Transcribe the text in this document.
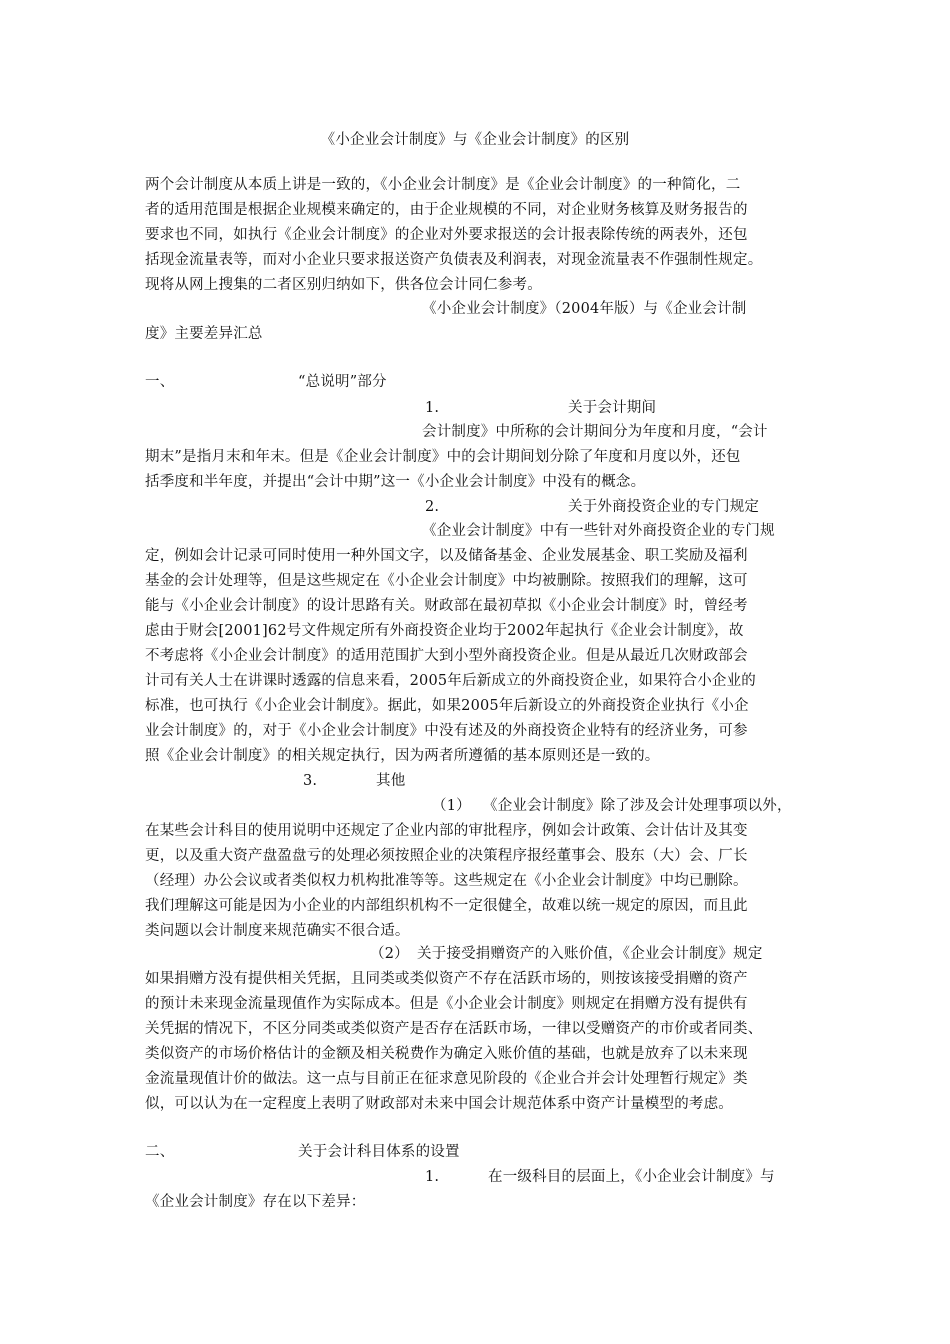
《小企业会计制度》与《企业会计制度》的区别
两个会计制度从本质上讲是一致的，《小企业会计制度》是《企业会计制度》的一种简化，二
者的适用范围是根据企业规模来确定的，由于企业规模的不同，对企业财务核算及财务报告的
要求也不同，如执行《企业会计制度》的企业对外要求报送的会计报表除传统的两表外，还包
括现金流量表等，而对小企业只要求报送资产负债表及利润表，对现金流量表不作强制性规定。
现将从网上搜集的二者区别归纳如下，供各位会计同仁参考。
《小企业会计制度》（2004年版）与《企业会计制
度》主要差异汇总
一、	“总说明”部分
1.	关于会计期间
会计制度》中所称的会计期间分为年度和月度，“会计
期末”是指月末和年末。但是《企业会计制度》中的会计期间划分除了年度和月度以外，还包
括季度和半年度，并提出“会计中期”这一《小企业会计制度》中没有的概念。
2.	关于外商投资企业的专门规定
《企业会计制度》中有一些针对外商投资企业的专门规
定，例如会计记录可同时使用一种外国文字，以及储备基金、企业发展基金、职工奖励及福利
基金的会计处理等，但是这些规定在《小企业会计制度》中均被删除。按照我们的理解，这可
能与《小企业会计制度》的设计思路有关。财政部在最初草拟《小企业会计制度》时，曾经考
虑由于财会[2001]62号文件规定所有外商投资企业均于2002年起执行《企业会计制度》，故
不考虑将《小企业会计制度》的适用范围扩大到小型外商投资企业。但是从最近几次财政部会
计司有关人士在讲课时透露的信息来看，2005年后新成立的外商投资企业，如果符合小企业的
标准，也可执行《小企业会计制度》。据此，如果2005年后新设立的外商投资企业执行《小企
业会计制度》的，对于《小企业会计制度》中没有述及的外商投资企业特有的经济业务，可参
照《企业会计制度》的相关规定执行，因为两者所遵循的基本原则还是一致的。
3.	其他
（1） 《企业会计制度》除了涉及会计处理事项以外，
在某些会计科目的使用说明中还规定了企业内部的审批程序，例如会计政策、会计估计及其变
更，以及重大资产盘盈盘亏的处理必须按照企业的决策程序报经董事会、股东（大）会、厂长
（经理）办公会议或者类似权力机构批准等等。这些规定在《小企业会计制度》中均已删除。
我们理解这可能是因为小企业的内部组织机构不一定很健全，故难以统一规定的原因，而且此
类问题以会计制度来规范确实不很合适。
（2） 关于接受捐赠资产的入账价值，《企业会计制度》规定
如果捐赠方没有提供相关凭据，且同类或类似资产不存在活跃市场的，则按该接受捐赠的资产
的预计未来现金流量现值作为实际成本。但是《小企业会计制度》则规定在捐赠方没有提供有
关凭据的情况下，不区分同类或类似资产是否存在活跃市场，一律以受赠资产的市价或者同类、
类似资产的市场价格估计的金额及相关税费作为确定入账价值的基础，也就是放弃了以未来现
金流量现值计价的做法。这一点与目前正在征求意见阶段的《企业合并会计处理暂行规定》类
似，可以认为在一定程度上表明了财政部对未来中国会计规范体系中资产计量模型的考虑。
二、	关于会计科目体系的设置
1.	在一级科目的层面上，《小企业会计制度》与
《企业会计制度》存在以下差异：
